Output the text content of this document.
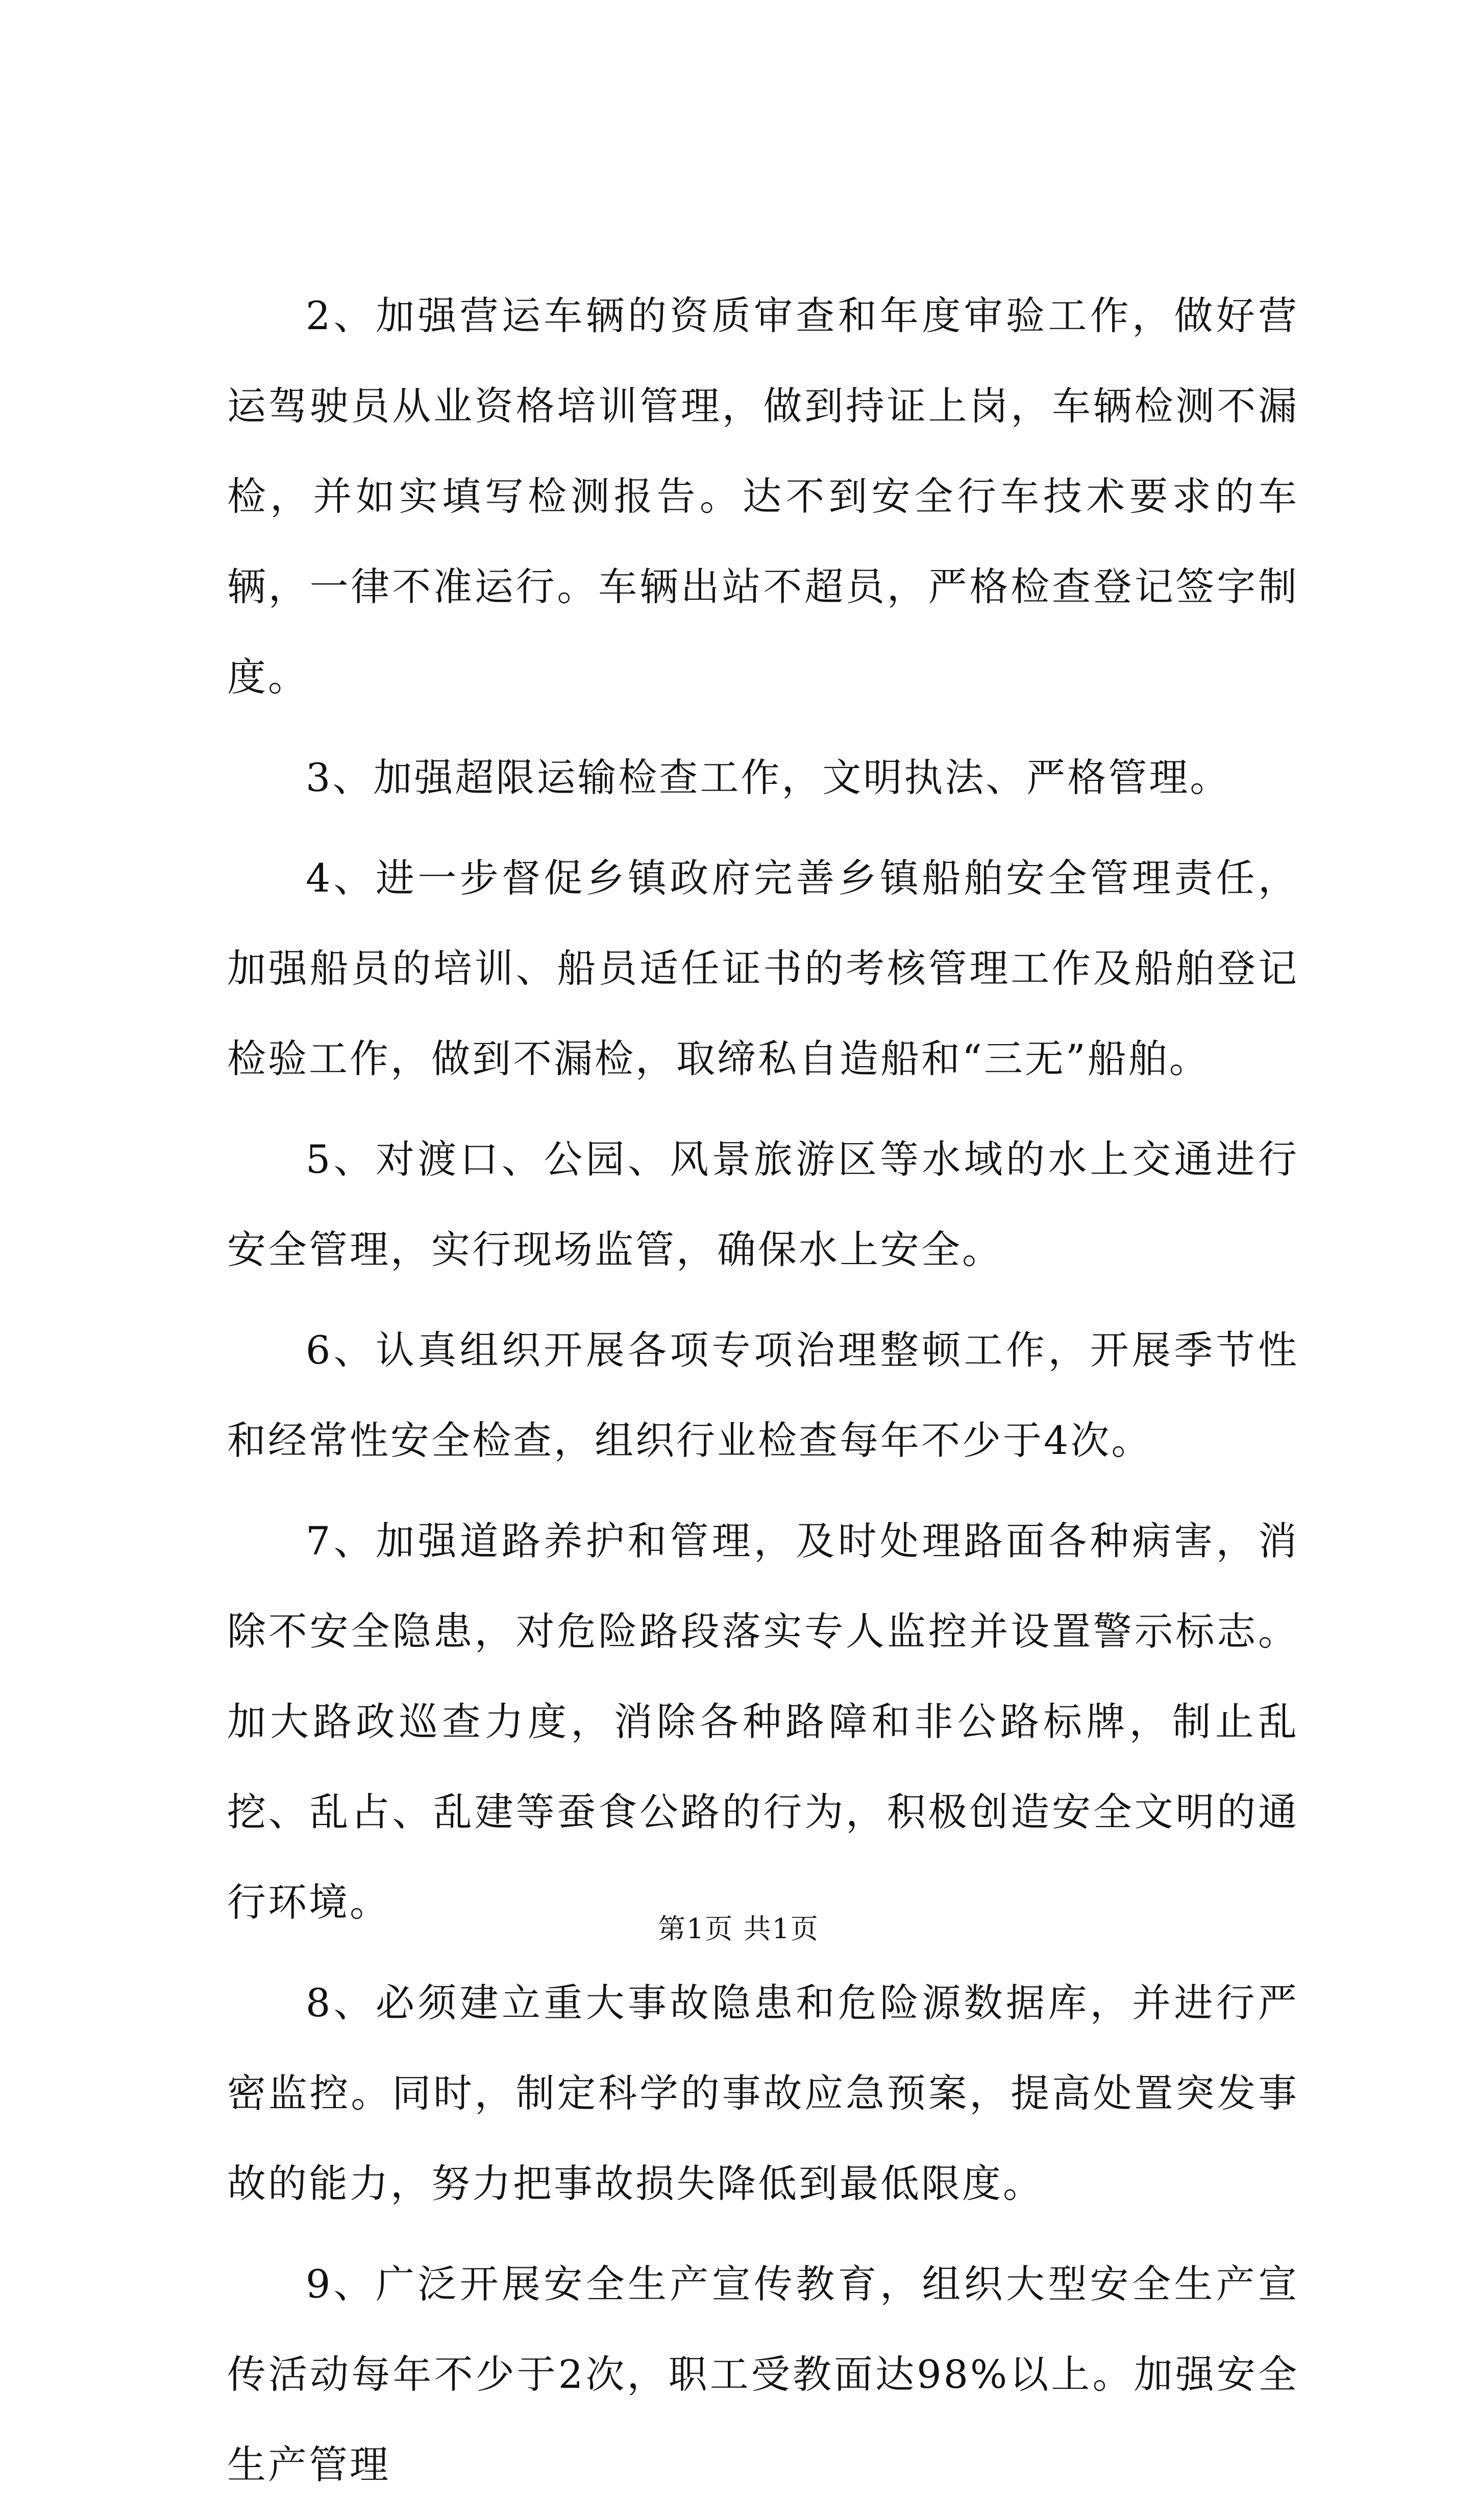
2、加强营运车辆的资质审查和年度审验工作，做好营运驾驶员从业资格培训管理，做到持证上岗，车辆检测不漏检，并如实填写检测报告。达不到安全行车技术要求的车辆，一律不准运行。车辆出站不超员，严格检查登记签字制度。

3、加强超限运输检查工作，文明执法、严格管理。

4、进一步督促乡镇政府完善乡镇船舶安全管理责任，加强船员的培训、船员适任证书的考核管理工作及船舶登记检验工作，做到不漏检，取缔私自造船和“三无”船舶。

5、对渡口、公园、风景旅游区等水域的水上交通进行安全管理，实行现场监管，确保水上安全。

6、认真组织开展各项专项治理整顿工作，开展季节性和经常性安全检查，组织行业检查每年不少于4次。

7、加强道路养护和管理，及时处理路面各种病害，消除不安全隐患，对危险路段落实专人监控并设置警示标志。加大路政巡查力度，消除各种路障和非公路标牌，制止乱挖、乱占、乱建等蚕食公路的行为，积极创造安全文明的通行环境。

8、必须建立重大事故隐患和危险源数据库，并进行严密监控。同时，制定科学的事故应急预案，提高处置突发事故的能力，努力把事故损失降低到最低限度。

9、广泛开展安全生产宣传教育，组织大型安全生产宣传活动每年不少于2次，职工受教面达98%以上。加强安全生产管理

第1页 共1页
